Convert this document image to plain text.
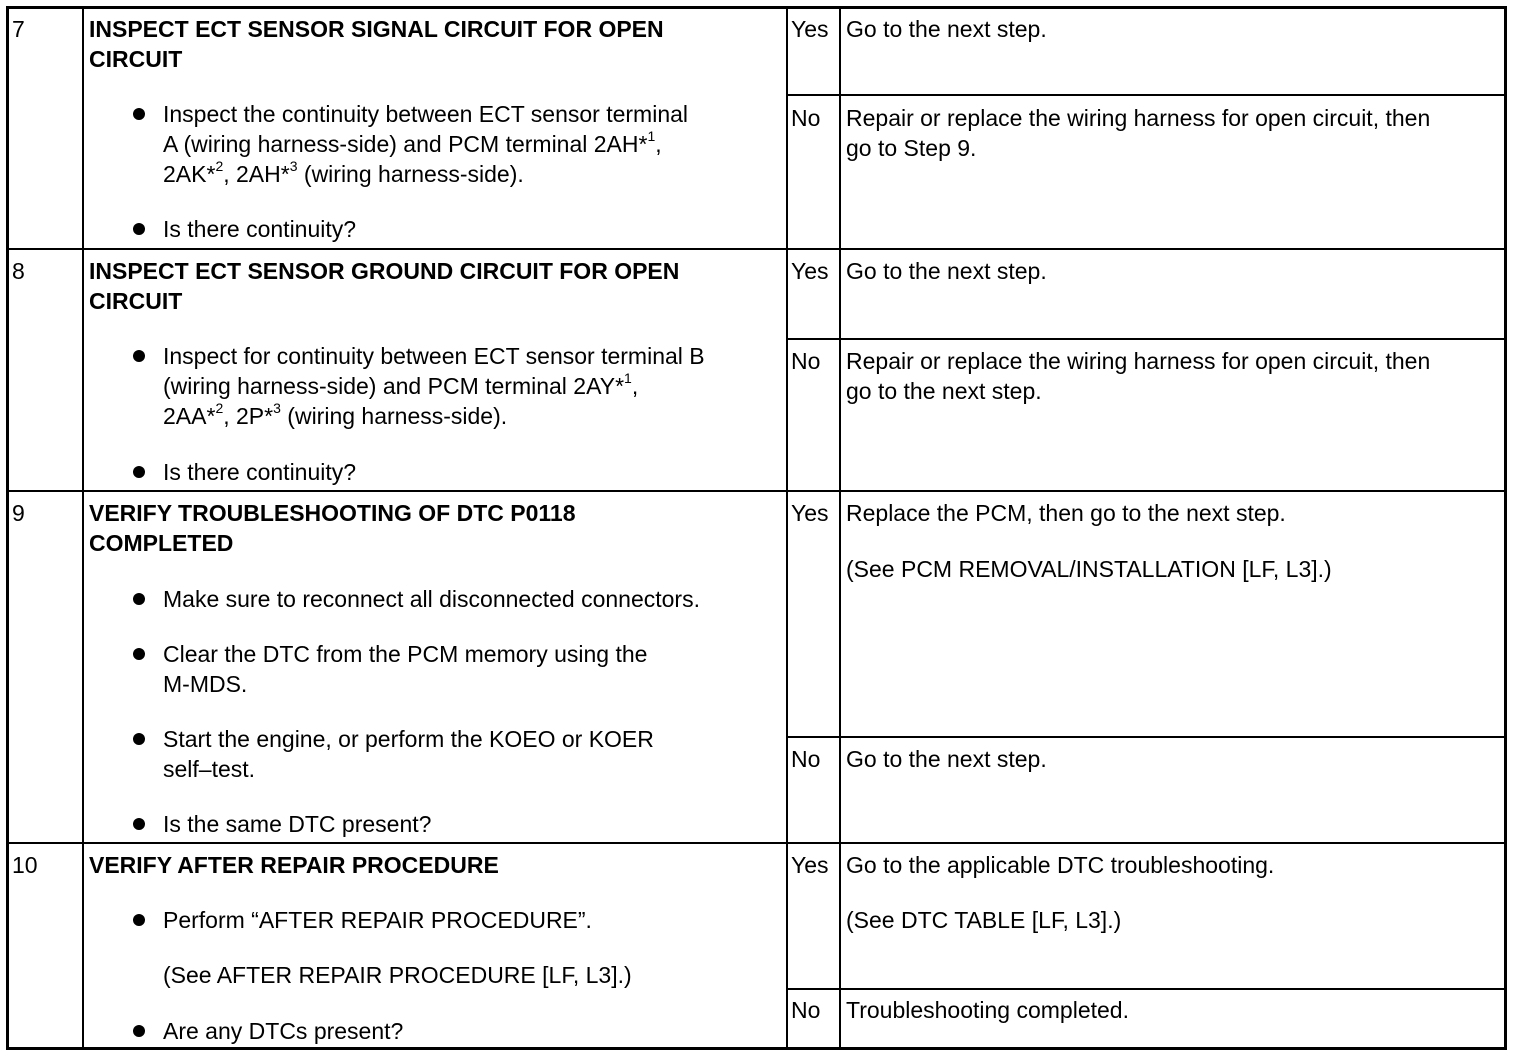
7	INSPECT ECT SENSOR SIGNAL CIRCUIT FOR OPEN
CIRCUIT
Inspect the continuity between ECT sensor terminal
A (wiring harness-side) and PCM terminal 2AH*$^1$,
2AK*$^2$, 2AH*$^3$ (wiring harness-side).
Is there continuity?
Yes Go to the next step.
No Repair or replace the wiring harness for open circuit, then
go to Step 9.
8	INSPECT ECT SENSOR GROUND CIRCUIT FOR OPEN
CIRCUIT
Inspect for continuity between ECT sensor terminal B
(wiring harness-side) and PCM terminal 2AY*$^1$,
2AA*$^2$, 2P*$^3$ (wiring harness-side).
Is there continuity?
Yes Go to the next step.
No Repair or replace the wiring harness for open circuit, then
go to the next step.
9	VERIFY TROUBLESHOOTING OF DTC P0118
COMPLETED
Make sure to reconnect all disconnected connectors.
Clear the DTC from the PCM memory using the
M-MDS.
Start the engine, or perform the KOEO or KOER
self–test.
Is the same DTC present?
Yes Replace the PCM, then go to the next step.
(See PCM REMOVAL/INSTALLATION [LF, L3].)
No Go to the next step.
10 VERIFY AFTER REPAIR PROCEDURE
Perform “AFTER REPAIR PROCEDURE”.
(See AFTER REPAIR PROCEDURE [LF, L3].)
Are any DTCs present?
Yes Go to the applicable DTC troubleshooting.
(See DTC TABLE [LF, L3].)
No Troubleshooting completed.
